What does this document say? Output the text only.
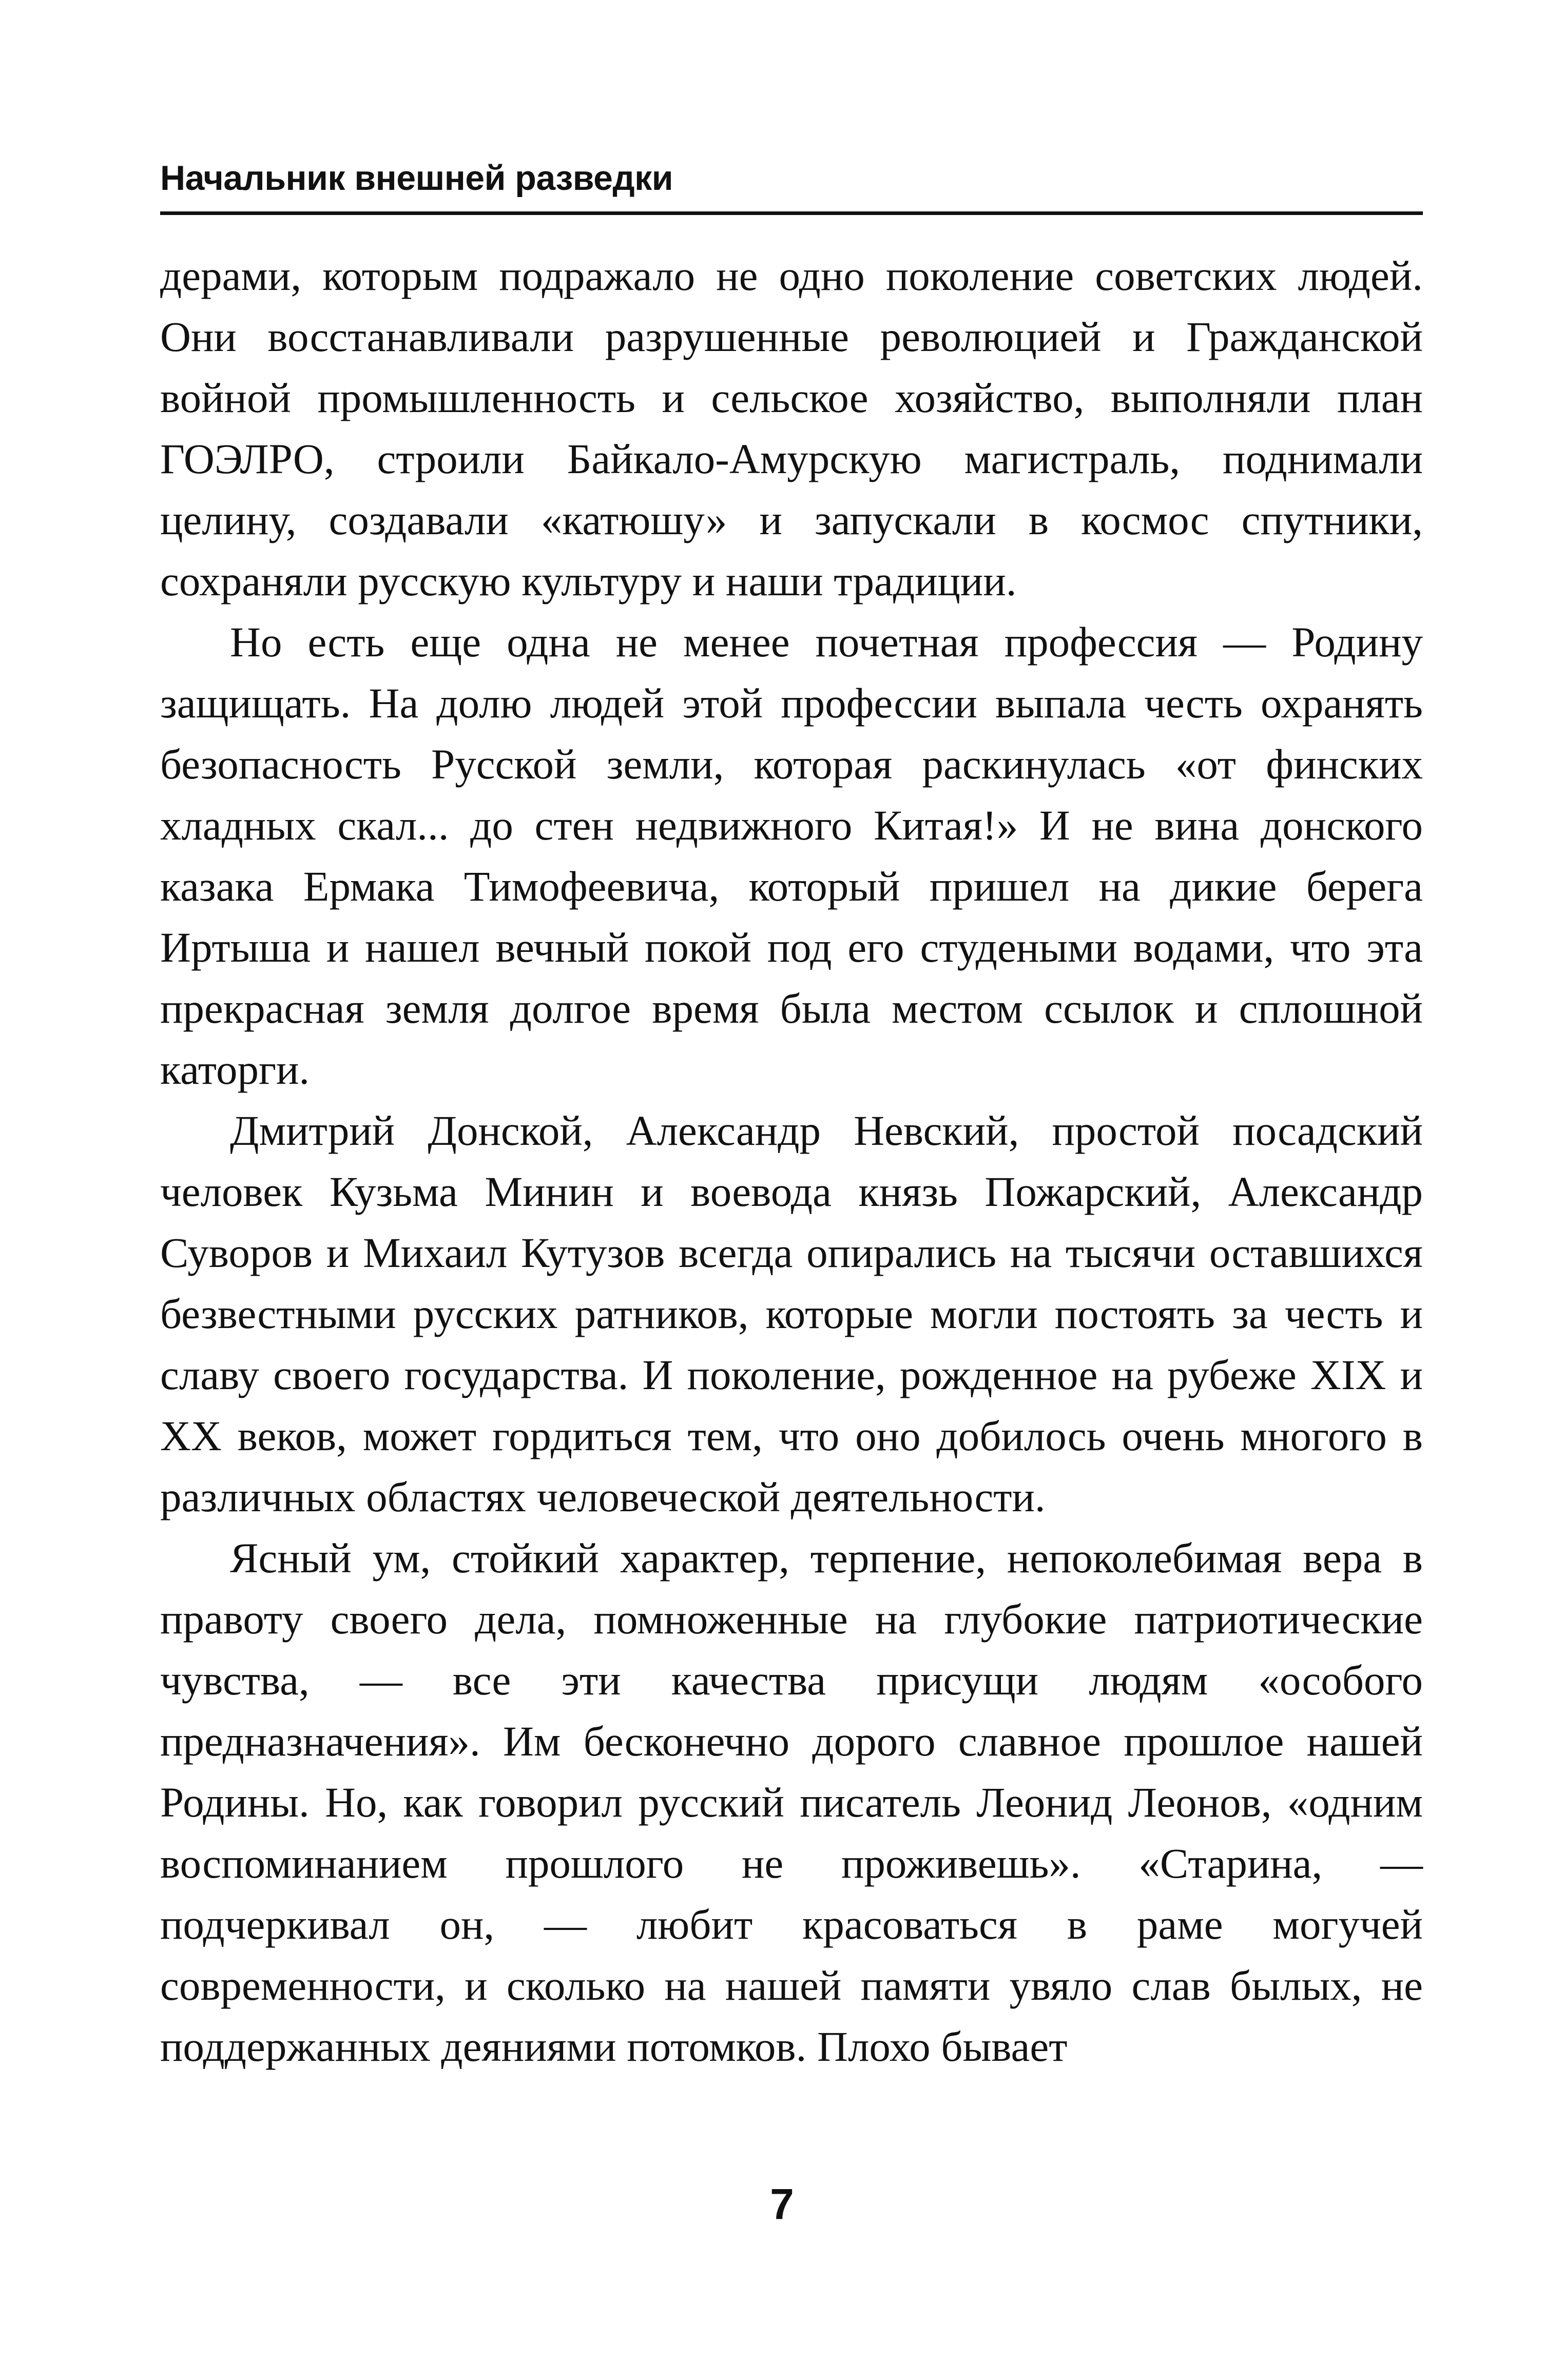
Начальник внешней разведки

дерами, которым подражало не одно поколение советских людей. Они восстанавливали разрушенные революцией и Гражданской войной промышленность и сельское хозяйство, выполняли план ГОЭЛРО, строили Байкало-Амурскую магистраль, поднимали целину, создавали «катюшу» и запускали в космос спутники, сохраняли русскую культуру и наши традиции.

Но есть еще одна не менее почетная профессия — Родину защищать. На долю людей этой профессии выпала честь охранять безопасность Русской земли, которая раскинулась «от финских хладных скал... до стен недвижного Китая!» И не вина донского казака Ермака Тимофеевича, который пришел на дикие берега Иртыша и нашел вечный покой под его студеными водами, что эта прекрасная земля долгое время была местом ссылок и сплошной каторги.

Дмитрий Донской, Александр Невский, простой посадский человек Кузьма Минин и воевода князь Пожарский, Александр Суворов и Михаил Кутузов всегда опирались на тысячи оставшихся безвестными русских ратников, которые могли постоять за честь и славу своего государства. И поколение, рожденное на рубеже XIX и XX веков, может гордиться тем, что оно добилось очень многого в различных областях человеческой деятельности.

Ясный ум, стойкий характер, терпение, непоколебимая вера в правоту своего дела, помноженные на глубокие патриотические чувства, — все эти качества присущи людям «особого предназначения». Им бесконечно дорого славное прошлое нашей Родины. Но, как говорил русский писатель Леонид Леонов, «одним воспоминанием прошлого не проживешь». «Старина, — подчеркивал он, — любит красоваться в раме могучей современности, и сколько на нашей памяти увяло слав былых, не поддержанных деяниями потомков. Плохо бывает

7
